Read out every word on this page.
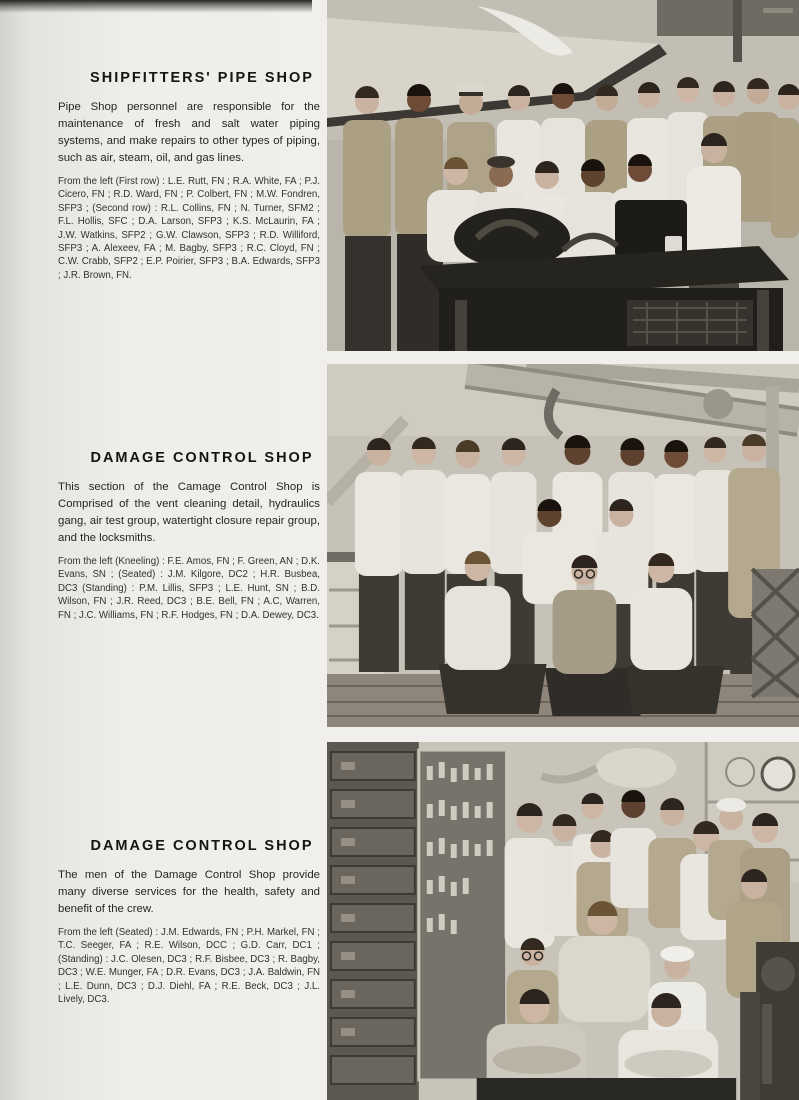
SHIPFITTERS' PIPE SHOP

Pipe Shop personnel are responsible for the maintenance of fresh and salt water piping systems, and make repairs to other types of piping, such as air, steam, oil, and gas lines.

From the left (First row) : L.E. Rutt, FN ; R.A. White, FA ; P.J. Cicero, FN ; R.D. Ward, FN ; P. Colbert, FN ; M.W. Fondren, SFP3 ; (Second row) : R.L. Collins, FN ; N. Turner, SFM2 ; F.L. Hollis, SFC ; D.A. Larson, SFP3 ; K.S. McLaurin, FA ; J.W. Watkins, SFP2 ; G.W. Clawson, SFP3 ; R.D. Williford, SFP3 ; A. Alexeev, FA ; M. Bagby, SFP3 ; R.C. Cloyd, FN ; C.W. Crabb, SFP2 ; E.P. Poirier, SFP3 ; B.A. Edwards, SFP3 ; J.R. Brown, FN.

DAMAGE CONTROL SHOP

This section of the Camage Control Shop is Comprised of the vent cleaning detail, hydraulics gang, air test group, watertight closure repair group, and the locksmiths.

From the left (Kneeling) : F.E. Amos, FN ; F. Green, AN ; D.K. Evans, SN ; (Seated) : J.M. Kilgore, DC2 ; H.R. Busbea, DC3 (Standing) : P.M. Lillis, SFP3 ; L.E. Hunt, SN ; B.D. Wilson, FN ; J.R. Reed, DC3 ; B.E. Bell, FN ; A.C, Warren, FN ; J.C. Williams, FN ; R.F. Hodges, FN ; D.A. Dewey, DC3.

DAMAGE CONTROL SHOP

The men of the Damage Control Shop provide many diverse services for the health, safety and benefit of the crew.

From the left (Seated) : J.M. Edwards, FN ; P.H. Markel, FN ; T.C. Seeger, FA ; R.E. Wilson, DCC ; G.D. Carr, DC1 ; (Standing) : J.C. Olesen, DC3 ; R.F. Bisbee, DC3 ; R. Bagby, DC3 ; W.E. Munger, FA ; D.R. Evans, DC3 ; J.A. Baldwin, FN ; L.E. Dunn, DC3 ; D.J. Diehl, FA ; R.E. Beck, DC3 ; J.L. Lively, DC3.
